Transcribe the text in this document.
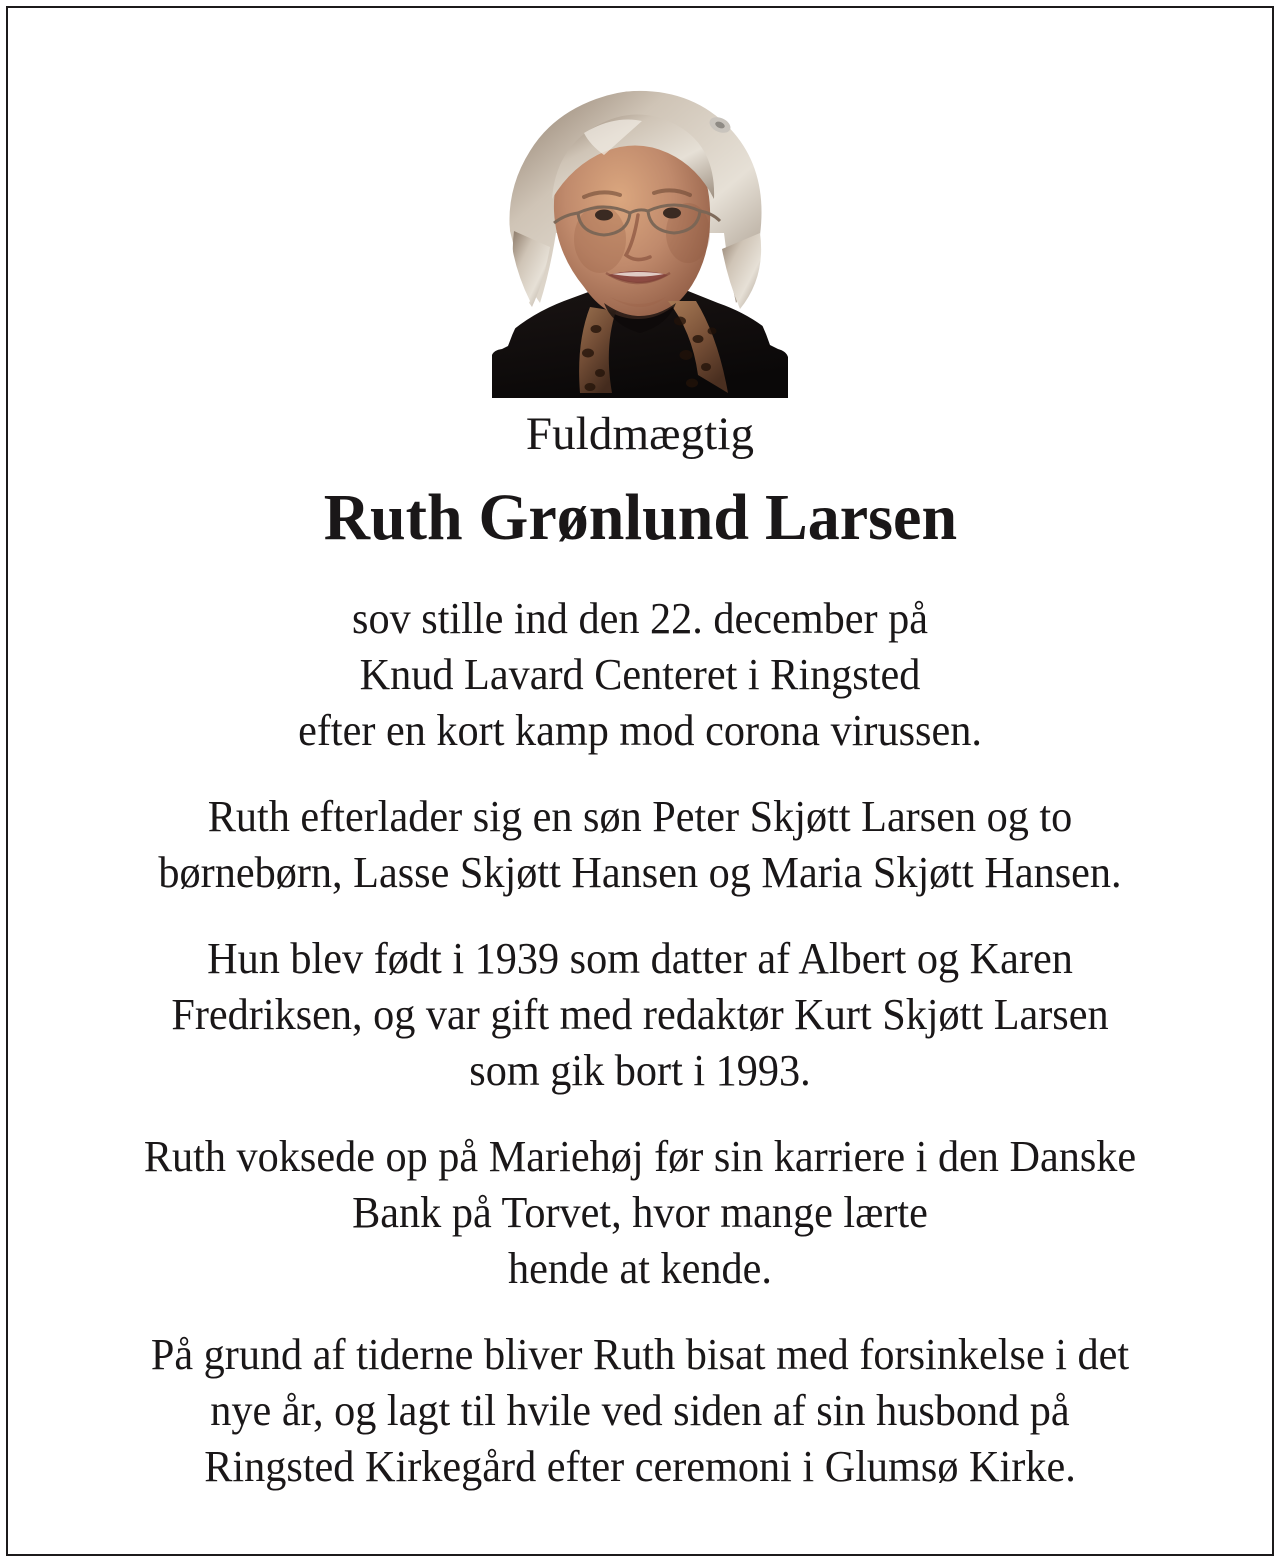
Fuldmægtig
Ruth Grønlund Larsen

sov stille ind den 22. december på
Knud Lavard Centeret i Ringsted
efter en kort kamp mod corona virussen.

Ruth efterlader sig en søn Peter Skjøtt Larsen og to
børnebørn, Lasse Skjøtt Hansen og Maria Skjøtt Hansen.

Hun blev født i 1939 som datter af Albert og Karen
Fredriksen, og var gift med redaktør Kurt Skjøtt Larsen
som gik bort i 1993.

Ruth voksede op på Mariehøj før sin karriere i den Danske
Bank på Torvet, hvor mange lærte
hende at kende.

På grund af tiderne bliver Ruth bisat med forsinkelse i det
nye år, og lagt til hvile ved siden af sin husbond på
Ringsted Kirkegård efter ceremoni i Glumsø Kirke.
